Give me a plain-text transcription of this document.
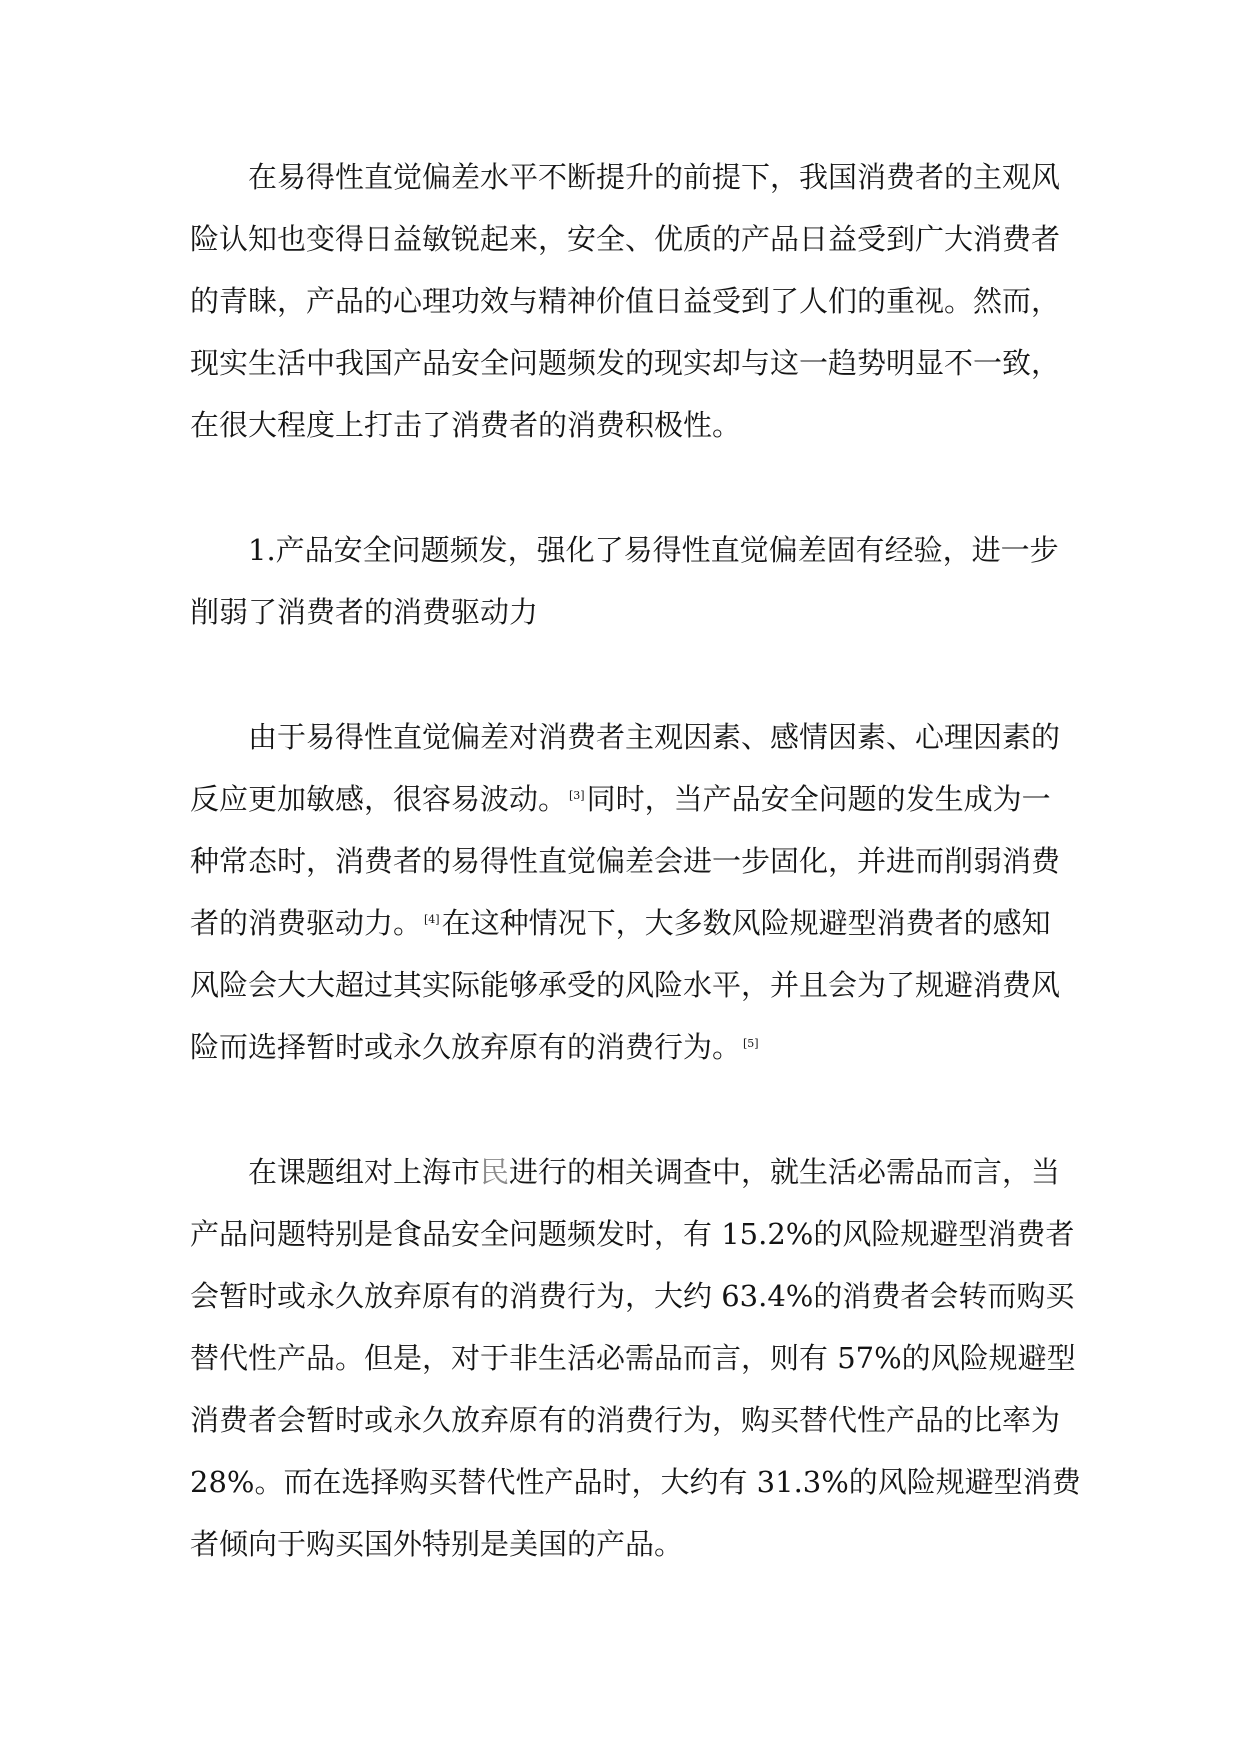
在易得性直觉偏差水平不断提升的前提下，我国消费者的主观风
险认知也变得日益敏锐起来，安全、优质的产品日益受到广大消费者
的青睐，产品的心理功效与精神价值日益受到了人们的重视。然而，
现实生活中我国产品安全问题频发的现实却与这一趋势明显不一致，
在很大程度上打击了消费者的消费积极性。
1.产品安全问题频发，强化了易得性直觉偏差固有经验，进一步
削弱了消费者的消费驱动力
由于易得性直觉偏差对消费者主观因素、感情因素、心理因素的
反应更加敏感，很容易波动。 [3]同时，当产品安全问题的发生成为一
种常态时，消费者的易得性直觉偏差会进一步固化，并进而削弱消费
者的消费驱动力。 [4]在这种情况下，大多数风险规避型消费者的感知
风险会大大超过其实际能够承受的风险水平，并且会为了规避消费风
险而选择暂时或永久放弃原有的消费行为。 [5]
在课题组对上海市民进行的相关调查中，就生活必需品而言，当
产品问题特别是食品安全问题频发时，有 15.2%的风险规避型消费者
会暂时或永久放弃原有的消费行为，大约 63.4%的消费者会转而购买
替代性产品。但是，对于非生活必需品而言，则有 57%的风险规避型
消费者会暂时或永久放弃原有的消费行为，购买替代性产品的比率为
28%。而在选择购买替代性产品时，大约有 31.3%的风险规避型消费
者倾向于购买国外特别是美国的产品。
